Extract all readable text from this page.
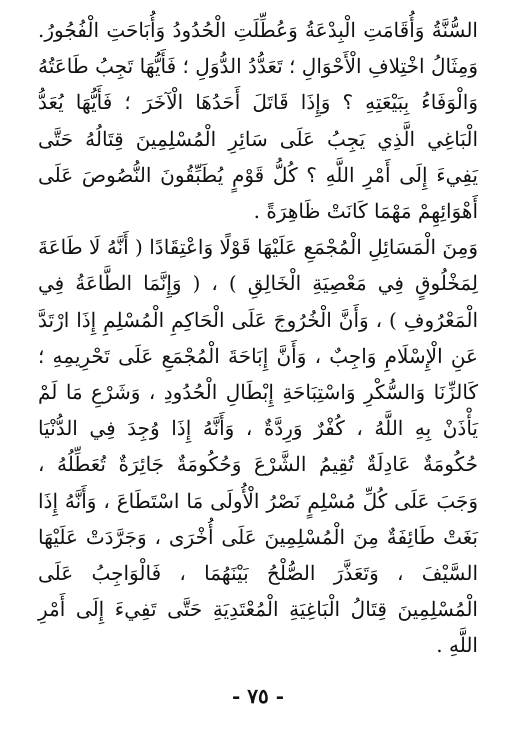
السُّنَّةُ وَأُقَامَتِ الْبِدْعَةُ وَعُطِّلَتِ الْحُدُودُ وَأُبَاحَتِ الْفُجُورُ. وَمِثَالُ اخْتِلافِ الْأَحْوَالِ ؛ تَعَدُّدُ الدُّوَلِ ؛ فَأَيُّهَا تَجِبُ طَاعَتُهُ وَالْوَفَاءُ بِبَيْعَتِهِ ؟ وَإِذَا قَاتَلَ أَحَدُهَا الْآخَرَ ؛ فَأَيُّهَا يُعَدُّ الْبَاغِي الَّذِي يَجِبُ عَلَى سَائِرِ الْمُسْلِمِينَ قِتَالُهُ حَتَّى يَفِيءَ إِلَى أَمْرِ اللَّهِ ؟ كُلُّ قَوْمٍ يُطَبِّقُونَ النُّصُوصَ عَلَى أَهْوَائِهِمْ مَهْمَا كَانَتْ ظَاهِرَةً .

وَمِنَ الْمَسَائِلِ الْمُجْمَعِ عَلَيْهَا قَوْلًا وَاعْتِقَادًا ( أَنَّهُ لَا طَاعَةَ لِمَخْلُوقٍ فِي مَعْصِيَةِ الْخَالِقِ ) ، ( وَإِنَّمَا الطَّاعَةُ فِي الْمَعْرُوفِ ) ، وَأَنَّ الْخُرُوجَ عَلَى الْحَاكِمِ الْمُسْلِمِ إِذَا ارْتَدَّ عَنِ الْإِسْلَامِ وَاجِبٌ ، وَأَنَّ إِبَاحَةَ الْمُجْمَعِ عَلَى تَحْرِيمِهِ ؛ كَالزِّنَا وَالسُّكْرِ وَاسْتِبَاحَةِ إِبْطَالِ الْحُدُودِ ، وَشَرْعِ مَا لَمْ يَأْذَنْ بِهِ اللَّهُ ، كُفْرٌ وَرِدَّةٌ ، وَأَنَّهُ إِذَا وُجِدَ فِي الدُّنْيَا حُكُومَةٌ عَادِلَةٌ تُقِيمُ الشَّرْعَ وَحُكُومَةٌ جَائِرَةٌ تُعَطِّلُهُ ، وَجَبَ عَلَى كُلِّ مُسْلِمٍ نَصْرُ الْأُولَى مَا اسْتَطَاعَ ، وَأَنَّهُ إِذَا بَغَتْ طَائِفَةٌ مِنَ الْمُسْلِمِينَ عَلَى أُخْرَى ، وَجَرَّدَتْ عَلَيْهَا السَّيْفَ ، وَتَعَذَّرَ الصُّلْحُ بَيْنَهُمَا ، فَالْوَاجِبُ عَلَى الْمُسْلِمِينَ قِتَالُ الْبَاغِيَةِ الْمُعْتَدِيَةِ حَتَّى تَفِيءَ إِلَى أَمْرِ اللَّهِ .

- ٧٥ -
